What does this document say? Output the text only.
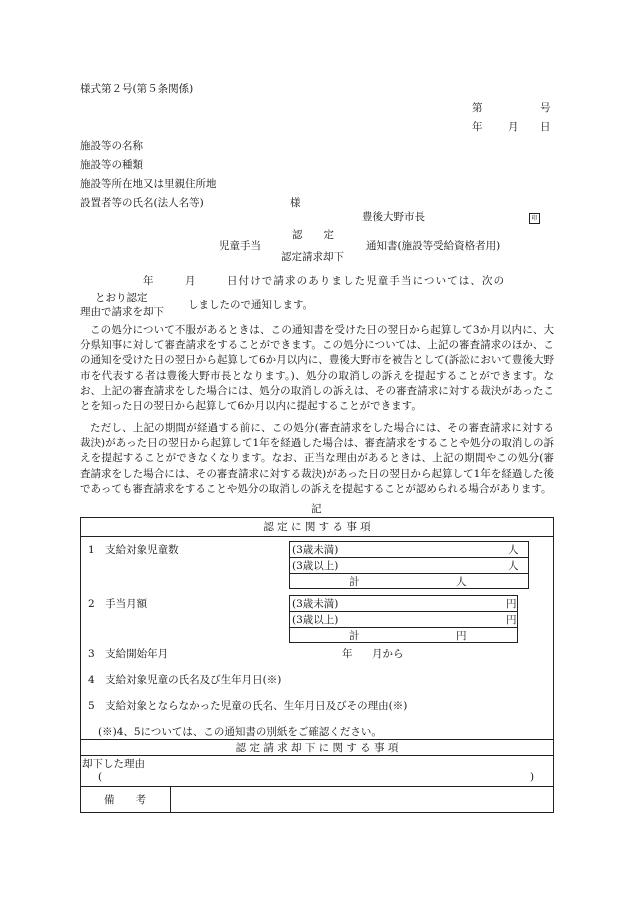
様式第２号(第５条関係)
第	号
年 月 日
施設等の名称
施設等の種類
施設等所在地又は里親住所地
設置者等の氏名(法人名等)	様
豊後大野市長	印
児童手当
認　　定
認定請求却下
通知書(施設等受給資格者用)
年	月	日付けで請求のありました児童手当については、次の
とおり認定
理由で請求を却下
しましたので通知します。
この処分について不服があるときは、この通知書を受けた日の翌日から起算して3か月以内に、大分県知事に対して審査請求をすることができます。この処分については、上記の審査請求のほか、この通知を受けた日の翌日から起算して6か月以内に、豊後大野市を被告として(訴訟において豊後大野市を代表する者は豊後大野市長となります。)、処分の取消しの訴えを提起することができます。なお、上記の審査請求をした場合には、処分の取消しの訴えは、その審査請求に対する裁決があったことを知った日の翌日から起算して6か月以内に提起することができます。
ただし、上記の期間が経過する前に、この処分(審査請求をした場合には、その審査請求に対する裁決)があった日の翌日から起算して1年を経過した場合は、審査請求をすることや処分の取消しの訴えを提起することができなくなります。なお、正当な理由があるときは、上記の期間やこの処分(審査請求をした場合には、その審査請求に対する裁決)があった日の翌日から起算して1年を経過した後であっても審査請求をすることや処分の取消しの訴えを提起することが認められる場合があります。
記
認 定 に 関 す る 事 項
1　支給対象児童数	(3歳未満)	人
(3歳以上)	人
計	人
2　手当月額	(3歳未満)	円
(3歳以上)	円
計	円
3　支給開始年月	年 月から
4　支給対象児童の氏名及び生年月日(※)
5　支給対象とならなかった児童の氏名、生年月日及びその理由(※)
(※)4、5については、この通知書の別紙をご確認ください。
認 定 請 求 却 下 に 関 す る 事 項
却下した理由
(	)
備　　考
